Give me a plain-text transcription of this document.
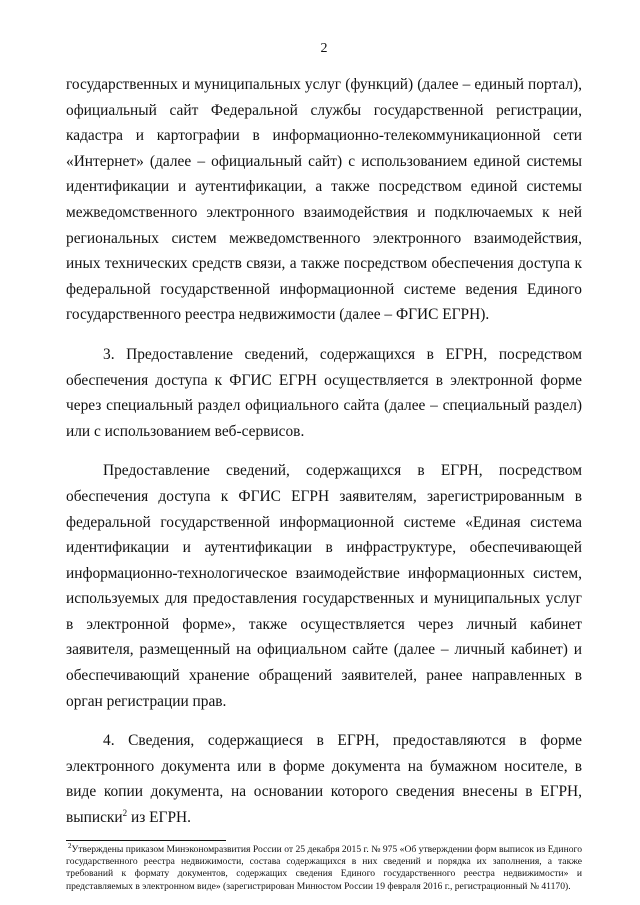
2

государственных и муниципальных услуг (функций) (далее – единый портал), официальный сайт Федеральной службы государственной регистрации, кадастра и картографии в информационно-телекоммуникационной сети «Интернет» (далее – официальный сайт) с использованием единой системы идентификации и аутентификации, а также посредством единой системы межведомственного электронного взаимодействия и подключаемых к ней региональных систем межведомственного электронного взаимодействия, иных технических средств связи, а также посредством обеспечения доступа к федеральной государственной информационной системе ведения Единого государственного реестра недвижимости (далее – ФГИС ЕГРН).

3. Предоставление сведений, содержащихся в ЕГРН, посредством обеспечения доступа к ФГИС ЕГРН осуществляется в электронной форме через специальный раздел официального сайта (далее – специальный раздел) или с использованием веб-сервисов.

Предоставление сведений, содержащихся в ЕГРН, посредством обеспечения доступа к ФГИС ЕГРН заявителям, зарегистрированным в федеральной государственной информационной системе «Единая система идентификации и аутентификации в инфраструктуре, обеспечивающей информационно-технологическое взаимодействие информационных систем, используемых для предоставления государственных и муниципальных услуг в электронной форме», также осуществляется через личный кабинет заявителя, размещенный на официальном сайте (далее – личный кабинет) и обеспечивающий хранение обращений заявителей, ранее направленных в орган регистрации прав.

4. Сведения, содержащиеся в ЕГРН, предоставляются в форме электронного документа или в форме документа на бумажном носителе, в виде копии документа, на основании которого сведения внесены в ЕГРН, выписки$^2$ из ЕГРН.

$^2$Утверждены приказом Минэкономразвития России от 25 декабря 2015 г. № 975 «Об утверждении форм выписок из Единого государственного реестра недвижимости, состава содержащихся в них сведений и порядка их заполнения, а также требований к формату документов, содержащих сведения Единого государственного реестра недвижимости» и представляемых в электронном виде» (зарегистрирован Минюстом России 19 февраля 2016 г., регистрационный № 41170).
